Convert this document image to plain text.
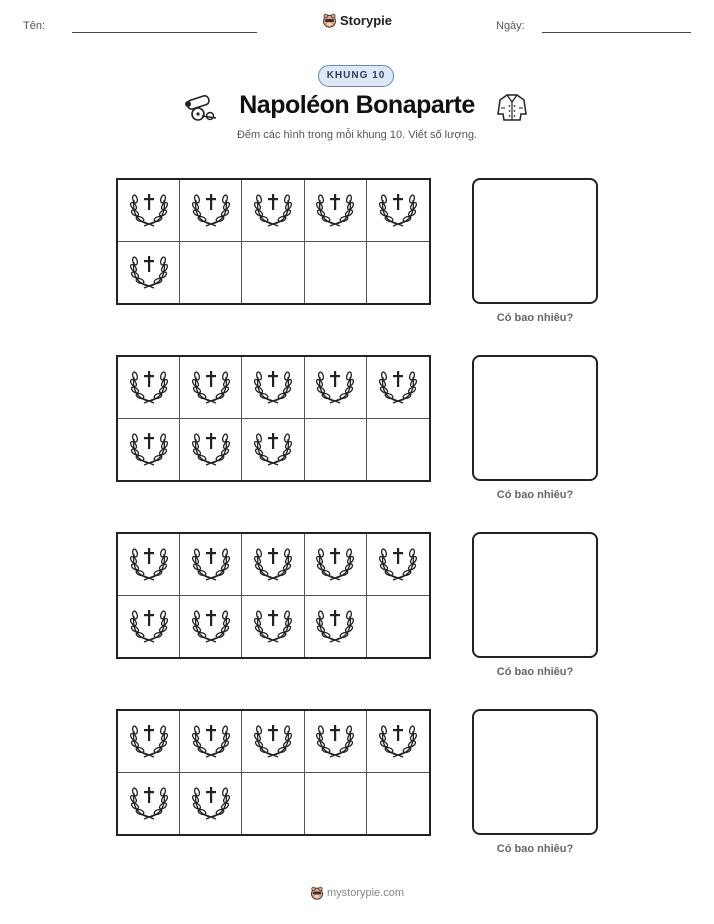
Tên:	Storypie	Ngày:
KHUNG 10
Napoléon Bonaparte
Đếm các hình trong mỗi khung 10. Viết số lượng.
Có bao nhiêu?
Có bao nhiêu?
Có bao nhiêu?
Có bao nhiêu?
mystorypie.com
